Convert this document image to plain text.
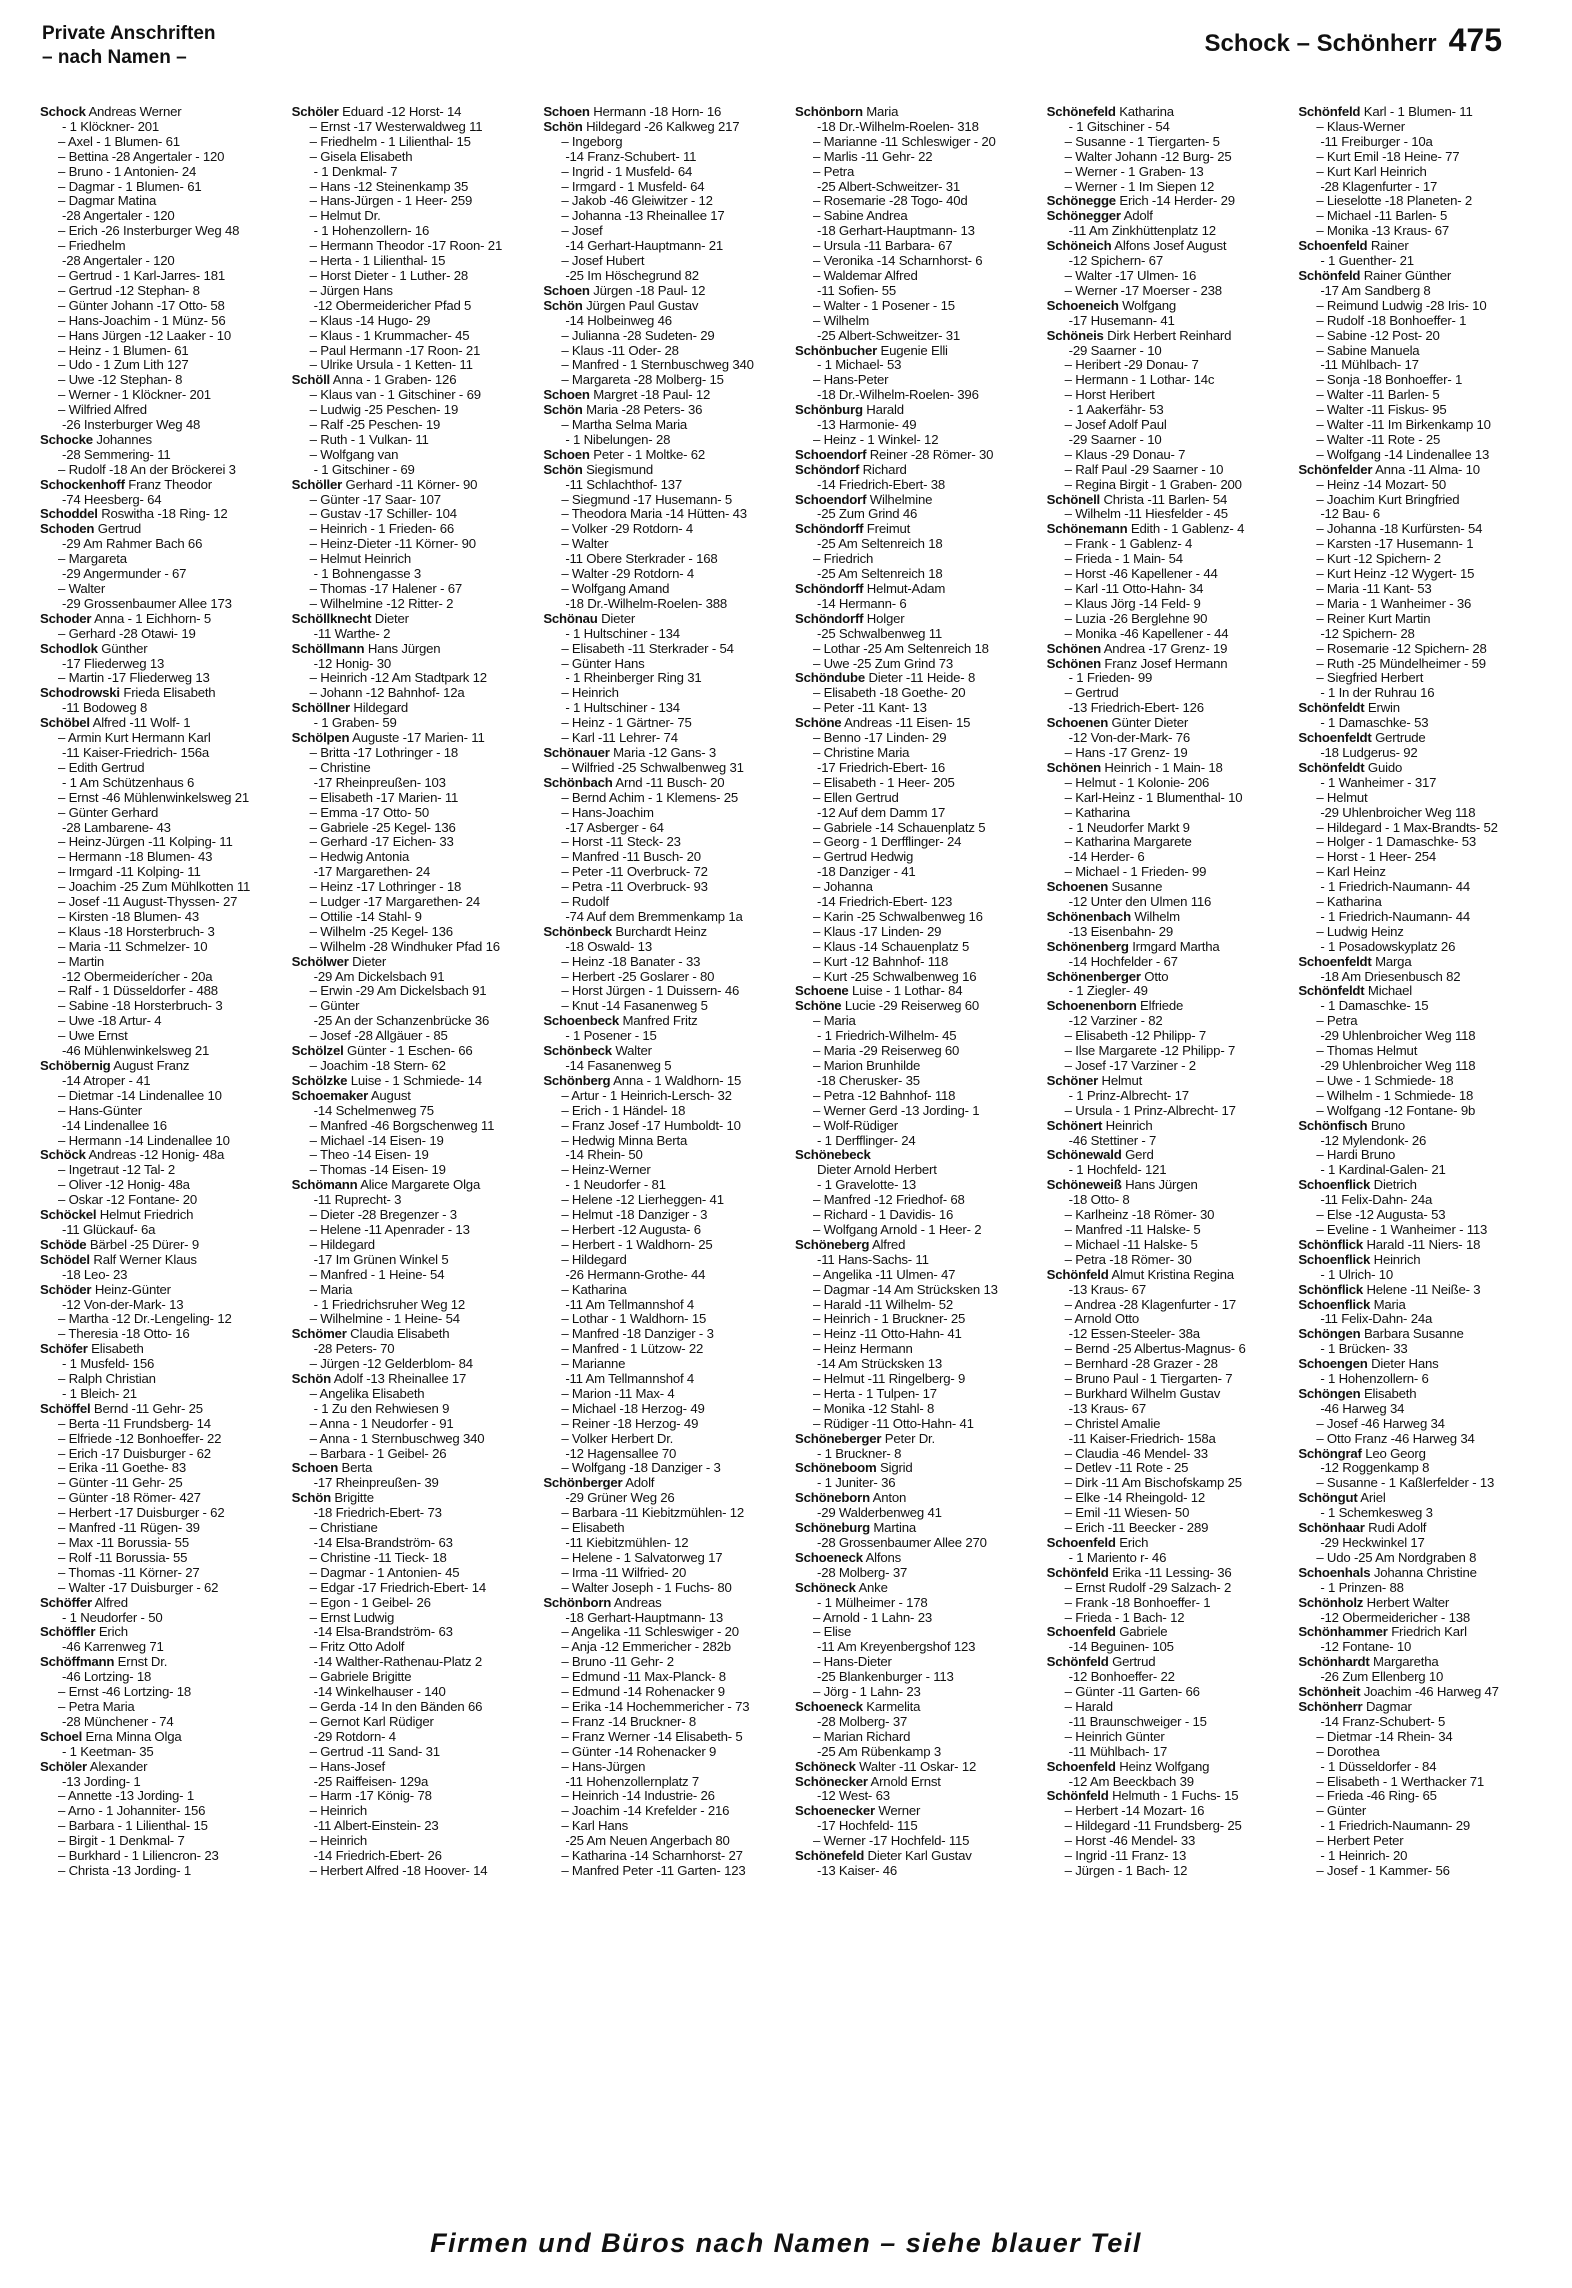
Private Anschriften
– nach Namen –
Schock – Schönherr 475
Schock Andreas Werner
- 1 Klöckner- 201
– Axel - 1 Blumen- 61
– Bettina -28 Angertaler - 120
– Bruno - 1 Antonien- 24
– Dagmar - 1 Blumen- 61
– Dagmar Matina
-28 Angertaler - 120
– Erich -26 Insterburger Weg 48
– Friedhelm
-28 Angertaler - 120
– Gertrud - 1 Karl-Jarres- 181
– Gertrud -12 Stephan- 8
– Günter Johann -17 Otto- 58
– Hans-Joachim - 1 Münz- 56
– Hans Jürgen -12 Laaker - 10
– Heinz - 1 Blumen- 61
– Udo - 1 Zum Lith 127
– Uwe -12 Stephan- 8
– Werner - 1 Klöckner- 201
– Wilfried Alfred
-26 Insterburger Weg 48
Schocke Johannes
-28 Semmering- 11
– Rudolf -18 An der Bröckerei 3
Schockenhoff Franz Theodor
-74 Heesberg- 64
Schoddel Roswitha -18 Ring- 12
Schoden Gertrud
-29 Am Rahmer Bach 66
– Margareta
-29 Angermunder - 67
– Walter
-29 Grossenbaumer Allee 173
Schoder Anna - 1 Eichhorn- 5
– Gerhard -28 Otawi- 19
Schodlok Günther
-17 Fliederweg 13
– Martin -17 Fliederweg 13
Schodrowski Frieda Elisabeth
-11 Bodoweg 8
Schöbel Alfred -11 Wolf- 1
– Armin Kurt Hermann Karl
-11 Kaiser-Friedrich- 156a
– Edith Gertrud
- 1 Am Schützenhaus 6
– Ernst -46 Mühlenwinkelsweg 21
– Günter Gerhard
-28 Lambarene- 43
– Heinz-Jürgen -11 Kolping- 11
– Hermann -18 Blumen- 43
– Irmgard -11 Kolping- 11
– Joachim -25 Zum Mühlkotten 11
– Josef -11 August-Thyssen- 27
– Kirsten -18 Blumen- 43
– Klaus -18 Horsterbruch- 3
– Maria -11 Schmelzer- 10
– Martin
-12 Obermeiderícher - 20a
– Ralf - 1 Düsseldorfer - 488
– Sabine -18 Horsterbruch- 3
– Uwe -18 Artur- 4
– Uwe Ernst
-46 Mühlenwinkelsweg 21
Schöbernig August Franz
-14 Atroper - 41
– Dietmar -14 Lindenallee 10
– Hans-Günter
-14 Lindenallee 16
– Hermann -14 Lindenallee 10
Schöck Andreas -12 Honig- 48a
– Ingetraut -12 Tal- 2
– Oliver -12 Honig- 48a
– Oskar -12 Fontane- 20
Schöckel Helmut Friedrich
-11 Glückauf- 6a
Schöde Bärbel -25 Dürer- 9
Schödel Ralf Werner Klaus
-18 Leo- 23
Schöder Heinz-Günter
-12 Von-der-Mark- 13
– Martha -12 Dr.-Lengeling- 12
– Theresia -18 Otto- 16
Schöfer Elisabeth
- 1 Musfeld- 156
– Ralph Christian
- 1 Bleich- 21
Schöffel Bernd -11 Gehr- 25
– Berta -11 Frundsberg- 14
– Elfriede -12 Bonhoeffer- 22
– Erich -17 Duisburger - 62
– Erika -11 Goethe- 83
– Günter -11 Gehr- 25
– Günter -18 Römer- 427
– Herbert -17 Duisburger - 62
– Manfred -11 Rügen- 39
– Max -11 Borussia- 55
– Rolf -11 Borussia- 55
– Thomas -11 Körner- 27
– Walter -17 Duisburger - 62
Schöffer Alfred
- 1 Neudorfer - 50
Schöffler Erich
-46 Karrenweg 71
Schöffmann Ernst Dr.
-46 Lortzing- 18
– Ernst -46 Lortzing- 18
– Petra Maria
-28 Münchener - 74
Schoel Erna Minna Olga
- 1 Keetman- 35
Schöler Alexander
-13 Jording- 1
– Annette -13 Jording- 1
– Arno - 1 Johanniter- 156
– Barbara - 1 Lilienthal- 15
– Birgit - 1 Denkmal- 7
– Burkhard - 1 Liliencron- 23
– Christa -13 Jording- 1
Schöler Eduard -12 Horst- 14
– Ernst -17 Westerwaldweg 11
– Friedhelm - 1 Lilienthal- 15
– Gisela Elisabeth
- 1 Denkmal- 7
– Hans -12 Steinenkamp 35
– Hans-Jürgen - 1 Heer- 259
– Helmut Dr.
- 1 Hohenzollern- 16
– Hermann Theodor -17 Roon- 21
– Herta - 1 Lilienthal- 15
– Horst Dieter - 1 Luther- 28
– Jürgen Hans
-12 Obermeidericher Pfad 5
– Klaus -14 Hugo- 29
– Klaus - 1 Krummacher- 45
– Paul Hermann -17 Roon- 21
– Ulrike Ursula - 1 Ketten- 11
Schöll Anna - 1 Graben- 126
– Klaus van - 1 Gitschiner - 69
– Ludwig -25 Peschen- 19
– Ralf -25 Peschen- 19
– Ruth - 1 Vulkan- 11
– Wolfgang van
- 1 Gitschiner - 69
Schöller Gerhard -11 Körner- 90
– Günter -17 Saar- 107
– Gustav -17 Schiller- 104
– Heinrich - 1 Frieden- 66
– Heinz-Dieter -11 Körner- 90
– Helmut Heinrich
- 1 Bohnengasse 3
– Thomas -17 Halener - 67
– Wilhelmine -12 Ritter- 2
Schöllknecht Dieter
-11 Warthe- 2
Schöllmann Hans Jürgen
-12 Honig- 30
– Heinrich -12 Am Stadtpark 12
– Johann -12 Bahnhof- 12a
Schöllner Hildegard
- 1 Graben- 59
Schölpen Auguste -17 Marien- 11
– Britta -17 Lothringer - 18
– Christine
-17 Rheinpreußen- 103
– Elisabeth -17 Marien- 11
– Emma -17 Otto- 50
– Gabriele -25 Kegel- 136
– Gerhard -17 Eichen- 33
– Hedwig Antonia
-17 Margarethen- 24
– Heinz -17 Lothringer - 18
– Ludger -17 Margarethen- 24
– Ottilie -14 Stahl- 9
– Wilhelm -25 Kegel- 136
– Wilhelm -28 Windhuker Pfad 16
Schölwer Dieter
-29 Am Dickelsbach 91
– Erwin -29 Am Dickelsbach 91
– Günter
-25 An der Schanzenbrücke 36
– Josef -28 Allgäuer - 85
Schölzel Günter - 1 Eschen- 66
– Joachim -18 Stern- 62
Schölzke Luise - 1 Schmiede- 14
Schoemaker August
-14 Schelmenweg 75
– Manfred -46 Borgschenweg 11
– Michael -14 Eisen- 19
– Theo -14 Eisen- 19
– Thomas -14 Eisen- 19
Schömann Alice Margarete Olga
-11 Ruprecht- 3
– Dieter -28 Bregenzer - 3
– Helene -11 Apenrader - 13
– Hildegard
-17 Im Grünen Winkel 5
– Manfred - 1 Heine- 54
– Maria
- 1 Friedrichsruher Weg 12
– Wilhelmine - 1 Heine- 54
Schömer Claudia Elisabeth
-28 Peters- 70
– Jürgen -12 Gelderblom- 84
Schön Adolf -13 Rheinallee 17
– Angelika Elisabeth
- 1 Zu den Rehwiesen 9
– Anna - 1 Neudorfer - 91
– Anna - 1 Sternbuschweg 340
– Barbara - 1 Geibel- 26
Schoen Berta
-17 Rheinpreußen- 39
Schön Brigitte
-18 Friedrich-Ebert- 73
– Christiane
-14 Elsa-Brandström- 63
– Christine -11 Tieck- 18
– Dagmar - 1 Antonien- 45
– Edgar -17 Friedrich-Ebert- 14
– Egon - 1 Geibel- 26
– Ernst Ludwig
-14 Elsa-Brandström- 63
– Fritz Otto Adolf
-14 Walther-Rathenau-Platz 2
– Gabriele Brigitte
-14 Winkelhauser - 140
– Gerda -14 In den Bänden 66
– Gernot Karl Rüdiger
-29 Rotdorn- 4
– Gertrud -11 Sand- 31
– Hans-Josef
-25 Raiffeisen- 129a
– Harm -17 König- 78
– Heinrich
-11 Albert-Einstein- 23
– Heinrich
-14 Friedrich-Ebert- 26
– Herbert Alfred -18 Hoover- 14
Schoen Hermann -18 Horn- 16
Schön Hildegard -26 Kalkweg 217
– Ingeborg
-14 Franz-Schubert- 11
– Ingrid - 1 Musfeld- 64
– Irmgard - 1 Musfeld- 64
– Jakob -46 Gleiwitzer - 12
– Johanna -13 Rheinallee 17
– Josef
-14 Gerhart-Hauptmann- 21
– Josef Hubert
-25 Im Höschegrund 82
Schoen Jürgen -18 Paul- 12
Schön Jürgen Paul Gustav
-14 Holbeinweg 46
– Julianna -28 Sudeten- 29
– Klaus -11 Oder- 28
– Manfred - 1 Sternbuschweg 340
– Margareta -28 Molberg- 15
Schoen Margret -18 Paul- 12
Schön Maria -28 Peters- 36
– Martha Selma Maria
- 1 Nibelungen- 28
Schoen Peter - 1 Moltke- 62
Schön Siegismund
-11 Schlachthof- 137
– Siegmund -17 Husemann- 5
– Theodora Maria -14 Hütten- 43
– Volker -29 Rotdorn- 4
– Walter
-11 Obere Sterkrader - 168
– Walter -29 Rotdorn- 4
– Wolfgang Amand
-18 Dr.-Wilhelm-Roelen- 388
Schönau Dieter
- 1 Hultschiner - 134
– Elisabeth -11 Sterkrader - 54
– Günter Hans
- 1 Rheinberger Ring 31
– Heinrich
- 1 Hultschiner - 134
– Heinz - 1 Gärtner- 75
– Karl -11 Lehrer- 74
Schönauer Maria -12 Gans- 3
– Wilfried -25 Schwalbenweg 31
Schönbach Arnd -11 Busch- 20
– Bernd Achim - 1 Klemens- 25
– Hans-Joachim
-17 Asberger - 64
– Horst -11 Steck- 23
– Manfred -11 Busch- 20
– Peter -11 Overbruck- 72
– Petra -11 Overbruck- 93
– Rudolf
-74 Auf dem Bremmenkamp 1a
Schönbeck Burchardt Heinz
-18 Oswald- 13
– Heinz -18 Banater - 33
– Herbert -25 Goslarer - 80
– Horst Jürgen - 1 Duissern- 46
– Knut -14 Fasanenweg 5
Schoenbeck Manfred Fritz
- 1 Posener - 15
Schönbeck Walter
-14 Fasanenweg 5
Schönberg Anna - 1 Waldhorn- 15
– Artur - 1 Heinrich-Lersch- 32
– Erich - 1 Händel- 18
– Franz Josef -17 Humboldt- 10
– Hedwig Minna Berta
-14 Rhein- 50
– Heinz-Werner
- 1 Neudorfer - 81
– Helene -12 Lierheggen- 41
– Helmut -18 Danziger - 3
– Herbert -12 Augusta- 6
– Herbert - 1 Waldhorn- 25
– Hildegard
-26 Hermann-Grothe- 44
– Katharina
-11 Am Tellmannshof 4
– Lothar - 1 Waldhorn- 15
– Manfred -18 Danziger - 3
– Manfred - 1 Lützow- 22
– Marianne
-11 Am Tellmannshof 4
– Marion -11 Max- 4
– Michael -18 Herzog- 49
– Reiner -18 Herzog- 49
– Volker Herbert Dr.
-12 Hagensallee 70
– Wolfgang -18 Danziger - 3
Schönberger Adolf
-29 Grüner Weg 26
– Barbara -11 Kiebitzmühlen- 12
– Elisabeth
-11 Kiebitzmühlen- 12
– Helene - 1 Salvatorweg 17
– Irma -11 Wilfried- 20
– Walter Joseph - 1 Fuchs- 80
Schönborn Andreas
-18 Gerhart-Hauptmann- 13
– Angelika -11 Schleswiger - 20
– Anja -12 Emmericher - 282b
– Bruno -11 Gehr- 2
– Edmund -11 Max-Planck- 8
– Edmund -14 Rohenacker 9
– Erika -14 Hochemmericher - 73
– Franz -14 Bruckner- 8
– Franz Werner -14 Elisabeth- 5
– Günter -14 Rohenacker 9
– Hans-Jürgen
-11 Hohenzollernplatz 7
– Heinrich -14 Industrie- 26
– Joachim -14 Krefelder - 216
– Karl Hans
-25 Am Neuen Angerbach 80
– Katharina -14 Scharnhorst- 27
– Manfred Peter -11 Garten- 123
Schönborn Maria
-18 Dr.-Wilhelm-Roelen- 318
– Marianne -11 Schleswiger - 20
– Marlis -11 Gehr- 22
– Petra
-25 Albert-Schweitzer- 31
– Rosemarie -28 Togo- 40d
– Sabine Andrea
-18 Gerhart-Hauptmann- 13
– Ursula -11 Barbara- 67
– Veronika -14 Scharnhorst- 6
– Waldemar Alfred
-11 Sofien- 55
– Walter - 1 Posener - 15
– Wilhelm
-25 Albert-Schweitzer- 31
Schönbucher Eugenie Elli
- 1 Michael- 53
– Hans-Peter
-18 Dr.-Wilhelm-Roelen- 396
Schönburg Harald
-13 Harmonie- 49
– Heinz - 1 Winkel- 12
Schoendorf Reiner -28 Römer- 30
Schöndorf Richard
-14 Friedrich-Ebert- 38
Schoendorf Wilhelmine
-25 Zum Grind 46
Schöndorff Freimut
-25 Am Seltenreich 18
– Friedrich
-25 Am Seltenreich 18
Schöndorff Helmut-Adam
-14 Hermann- 6
Schöndorff Holger
-25 Schwalbenweg 11
– Lothar -25 Am Seltenreich 18
– Uwe -25 Zum Grind 73
Schöndube Dieter -11 Heide- 8
– Elisabeth -18 Goethe- 20
– Peter -11 Kant- 13
Schöne Andreas -11 Eisen- 15
– Benno -17 Linden- 29
– Christine Maria
-17 Friedrich-Ebert- 16
– Elisabeth - 1 Heer- 205
– Ellen Gertrud
-12 Auf dem Damm 17
– Gabriele -14 Schauenplatz 5
– Georg - 1 Derfflinger- 24
– Gertrud Hedwig
-18 Danziger - 41
– Johanna
-14 Friedrich-Ebert- 123
– Karin -25 Schwalbenweg 16
– Klaus -17 Linden- 29
– Klaus -14 Schauenplatz 5
– Kurt -12 Bahnhof- 118
– Kurt -25 Schwalbenweg 16
Schoene Luise - 1 Lothar- 84
Schöne Lucie -29 Reiserweg 60
– Maria
- 1 Friedrich-Wilhelm- 45
– Maria -29 Reiserweg 60
– Marion Brunhilde
-18 Cherusker- 35
– Petra -12 Bahnhof- 118
– Werner Gerd -13 Jording- 1
– Wolf-Rüdiger
- 1 Derfflinger- 24
Schönebeck
Dieter Arnold Herbert
- 1 Gravelotte- 13
– Manfred -12 Friedhof- 68
– Richard - 1 Davidis- 16
– Wolfgang Arnold - 1 Heer- 2
Schöneberg Alfred
-11 Hans-Sachs- 11
– Angelika -11 Ulmen- 47
– Dagmar -14 Am Strücksken 13
– Harald -11 Wilhelm- 52
– Heinrich - 1 Bruckner- 25
– Heinz -11 Otto-Hahn- 41
– Heinz Hermann
-14 Am Strücksken 13
– Helmut -11 Ringelberg- 9
– Herta - 1 Tulpen- 17
– Monika -12 Stahl- 8
– Rüdiger -11 Otto-Hahn- 41
Schöneberger Peter Dr.
- 1 Bruckner- 8
Schöneboom Sigrid
- 1 Juniter- 36
Schöneborn Anton
-29 Walderbenweg 41
Schöneburg Martina
-28 Grossenbaumer Allee 270
Schoeneck Alfons
-28 Molberg- 37
Schöneck Anke
- 1 Mülheimer - 178
– Arnold - 1 Lahn- 23
– Elise
-11 Am Kreyenbergshof 123
– Hans-Dieter
-25 Blankenburger - 113
– Jörg - 1 Lahn- 23
Schoeneck Karmelita
-28 Molberg- 37
– Marian Richard
-25 Am Rübenkamp 3
Schöneck Walter -11 Oskar- 12
Schönecker Arnold Ernst
-12 West- 63
Schoenecker Werner
-17 Hochfeld- 115
– Werner -17 Hochfeld- 115
Schönefeld Dieter Karl Gustav
-13 Kaiser- 46
Schönefeld Katharina
- 1 Gitschiner - 54
– Susanne - 1 Tiergarten- 5
– Walter Johann -12 Burg- 25
– Werner - 1 Graben- 13
– Werner - 1 Im Siepen 12
Schönegge Erich -14 Herder- 29
Schönegger Adolf
-11 Am Zinkhüttenplatz 12
Schöneich Alfons Josef August
-12 Spichern- 67
– Walter -17 Ulmen- 16
– Werner -17 Moerser - 238
Schoeneich Wolfgang
-17 Husemann- 41
Schöneis Dirk Herbert Reinhard
-29 Saarner - 10
– Heribert -29 Donau- 7
– Hermann - 1 Lothar- 14c
– Horst Heribert
- 1 Aakerfähr- 53
– Josef Adolf Paul
-29 Saarner - 10
– Klaus -29 Donau- 7
– Ralf Paul -29 Saarner - 10
– Regina Birgit - 1 Graben- 200
Schönell Christa -11 Barlen- 54
– Wilhelm -11 Hiesfelder - 45
Schönemann Edith - 1 Gablenz- 4
– Frank - 1 Gablenz- 4
– Frieda - 1 Main- 54
– Horst -46 Kapellener - 44
– Karl -11 Otto-Hahn- 34
– Klaus Jörg -14 Feld- 9
– Luzia -26 Berglehne 90
– Monika -46 Kapellener - 44
Schönen Andrea -17 Grenz- 19
Schönen Franz Josef Hermann
- 1 Frieden- 99
– Gertrud
-13 Friedrich-Ebert- 126
Schoenen Günter Dieter
-12 Von-der-Mark- 76
– Hans -17 Grenz- 19
Schönen Heinrich - 1 Main- 18
– Helmut - 1 Kolonie- 206
– Karl-Heinz - 1 Blumenthal- 10
– Katharina
- 1 Neudorfer Markt 9
– Katharina Margarete
-14 Herder- 6
– Michael - 1 Frieden- 99
Schoenen Susanne
-12 Unter den Ulmen 116
Schönenbach Wilhelm
-13 Eisenbahn- 29
Schönenberg Irmgard Martha
-14 Hochfelder - 67
Schönenberger Otto
- 1 Ziegler- 49
Schoenenborn Elfriede
-12 Varziner - 82
– Elisabeth -12 Philipp- 7
– Ilse Margarete -12 Philipp- 7
– Josef -17 Varziner - 2
Schöner Helmut
- 1 Prinz-Albrecht- 17
– Ursula - 1 Prinz-Albrecht- 17
Schönert Heinrich
-46 Stettiner - 7
Schönewald Gerd
- 1 Hochfeld- 121
Schöneweiß Hans Jürgen
-18 Otto- 8
– Karlheinz -18 Römer- 30
– Manfred -11 Halske- 5
– Michael -11 Halske- 5
– Petra -18 Römer- 30
Schönfeld Almut Kristina Regina
-13 Kraus- 67
– Andrea -28 Klagenfurter - 17
– Arnold Otto
-12 Essen-Steeler- 38a
– Bernd -25 Albertus-Magnus- 6
– Bernhard -28 Grazer - 28
– Bruno Paul - 1 Tiergarten- 7
– Burkhard Wilhelm Gustav
-13 Kraus- 67
– Christel Amalie
-11 Kaiser-Friedrich- 158a
– Claudia -46 Mendel- 33
– Detlev -11 Rote - 25
– Dirk -11 Am Bischofskamp 25
– Elke -14 Rheingold- 12
– Emil -11 Wiesen- 50
– Erich -11 Beecker - 289
Schoenfeld Erich
- 1 Mariento r- 46
Schönfeld Erika -11 Lessing- 36
– Ernst Rudolf -29 Salzach- 2
– Frank -18 Bonhoeffer- 1
– Frieda - 1 Bach- 12
Schoenfeld Gabriele
-14 Beguinen- 105
Schönfeld Gertrud
-12 Bonhoeffer- 22
– Günter -11 Garten- 66
– Harald
-11 Braunschweiger - 15
– Heinrich Günter
-11 Mühlbach- 17
Schoenfeld Heinz Wolfgang
-12 Am Beeckbach 39
Schönfeld Helmuth - 1 Fuchs- 15
– Herbert -14 Mozart- 16
– Hildegard -11 Frundsberg- 25
– Horst -46 Mendel- 33
– Ingrid -11 Franz- 13
– Jürgen - 1 Bach- 12
Schönfeld Karl - 1 Blumen- 11
– Klaus-Werner
-11 Freiburger - 10a
– Kurt Emil -18 Heine- 77
– Kurt Karl Heinrich
-28 Klagenfurter - 17
– Lieselotte -18 Planeten- 2
– Michael -11 Barlen- 5
– Monika -13 Kraus- 67
Schoenfeld Rainer
- 1 Guenther- 21
Schönfeld Rainer Günther
-17 Am Sandberg 8
– Reimund Ludwig -28 Iris- 10
– Rudolf -18 Bonhoeffer- 1
– Sabine -12 Post- 20
– Sabine Manuela
-11 Mühlbach- 17
– Sonja -18 Bonhoeffer- 1
– Walter -11 Barlen- 5
– Walter -11 Fiskus- 95
– Walter -11 Im Birkenkamp 10
– Walter -11 Rote - 25
– Wolfgang -14 Lindenallee 13
Schönfelder Anna -11 Alma- 10
– Heinz -14 Mozart- 50
– Joachim Kurt Bringfried
-12 Bau- 6
– Johanna -18 Kurfürsten- 54
– Karsten -17 Husemann- 1
– Kurt -12 Spichern- 2
– Kurt Heinz -12 Wygert- 15
– Maria -11 Kant- 53
– Maria - 1 Wanheimer - 36
– Reiner Kurt Martin
-12 Spichern- 28
– Rosemarie -12 Spichern- 28
– Ruth -25 Mündelheimer - 59
– Siegfried Herbert
- 1 In der Ruhrau 16
Schönfeldt Erwin
- 1 Damaschke- 53
Schoenfeldt Gertrude
-18 Ludgerus- 92
Schönfeldt Guido
- 1 Wanheimer - 317
– Helmut
-29 Uhlenbroicher Weg 118
– Hildegard - 1 Max-Brandts- 52
– Holger - 1 Damaschke- 53
– Horst - 1 Heer- 254
– Karl Heinz
- 1 Friedrich-Naumann- 44
– Katharina
- 1 Friedrich-Naumann- 44
– Ludwig Heinz
- 1 Posadowskyplatz 26
Schoenfeldt Marga
-18 Am Driesenbusch 82
Schönfeldt Michael
- 1 Damaschke- 15
– Petra
-29 Uhlenbroicher Weg 118
– Thomas Helmut
-29 Uhlenbroicher Weg 118
– Uwe - 1 Schmiede- 18
– Wilhelm - 1 Schmiede- 18
– Wolfgang -12 Fontane- 9b
Schönfisch Bruno
-12 Mylendonk- 26
– Hardi Bruno
- 1 Kardinal-Galen- 21
Schoenflick Dietrich
-11 Felix-Dahn- 24a
– Else -12 Augusta- 53
– Eveline - 1 Wanheimer - 113
Schönflick Harald -11 Niers- 18
Schoenflick Heinrich
- 1 Ulrich- 10
Schönflick Helene -11 Neiße- 3
Schoenflick Maria
-11 Felix-Dahn- 24a
Schöngen Barbara Susanne
- 1 Brücken- 33
Schoengen Dieter Hans
- 1 Hohenzollern- 6
Schöngen Elisabeth
-46 Harweg 34
– Josef -46 Harweg 34
– Otto Franz -46 Harweg 34
Schöngraf Leo Georg
-12 Roggenkamp 8
– Susanne - 1 Kaßlerfelder - 13
Schöngut Ariel
- 1 Schemkesweg 3
Schönhaar Rudi Adolf
-29 Heckwinkel 17
– Udo -25 Am Nordgraben 8
Schoenhals Johanna Christine
- 1 Prinzen- 88
Schönholz Herbert Walter
-12 Obermeidericher - 138
Schönhammer Friedrich Karl
-12 Fontane- 10
Schönhardt Margaretha
-26 Zum Ellenberg 10
Schönheit Joachim -46 Harweg 47
Schönherr Dagmar
-14 Franz-Schubert- 5
– Dietmar -14 Rhein- 34
– Dorothea
- 1 Düsseldorfer - 84
– Elisabeth - 1 Werthacker 71
– Frieda -46 Ring- 65
– Günter
- 1 Friedrich-Naumann- 29
– Herbert Peter
- 1 Heinrich- 20
– Josef - 1 Kammer- 56
Firmen und Büros nach Namen – siehe blauer Teil
